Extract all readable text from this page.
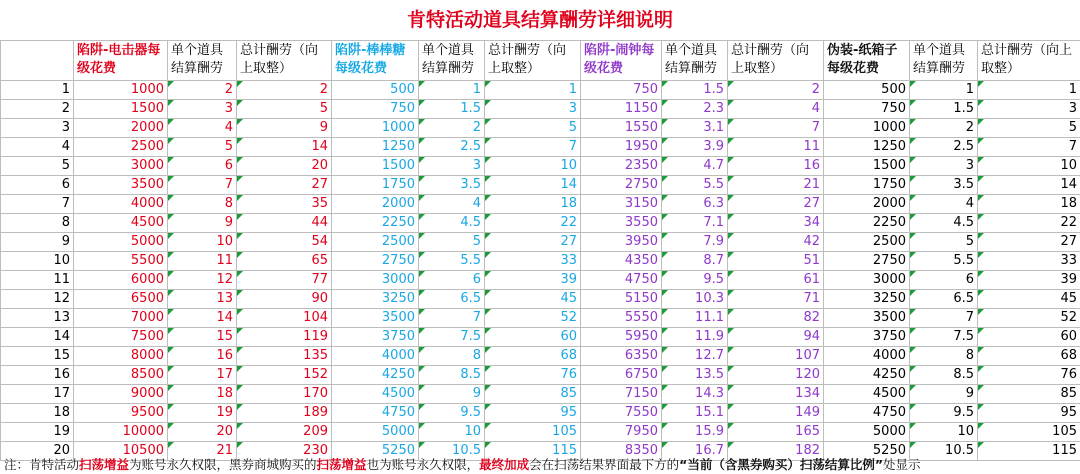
肯特活动道具结算酬劳详细说明
	陷阱-电击器每级花费	单个道具结算酬劳	总计酬劳（向上取整）	陷阱-棒棒糖每级花费	单个道具结算酬劳	总计酬劳（向上取整）	陷阱-闹钟每级花费	单个道具结算酬劳	总计酬劳（向上取整）	伪装-纸箱子每级花费	单个道具结算酬劳	总计酬劳（向上取整）
1	1000	2	2	500	1	1	750	1.5	2	500	1	1
2	1500	3	5	750	1.5	3	1150	2.3	4	750	1.5	3
3	2000	4	9	1000	2	5	1550	3.1	7	1000	2	5
4	2500	5	14	1250	2.5	7	1950	3.9	11	1250	2.5	7
5	3000	6	20	1500	3	10	2350	4.7	16	1500	3	10
6	3500	7	27	1750	3.5	14	2750	5.5	21	1750	3.5	14
7	4000	8	35	2000	4	18	3150	6.3	27	2000	4	18
8	4500	9	44	2250	4.5	22	3550	7.1	34	2250	4.5	22
9	5000	10	54	2500	5	27	3950	7.9	42	2500	5	27
10	5500	11	65	2750	5.5	33	4350	8.7	51	2750	5.5	33
11	6000	12	77	3000	6	39	4750	9.5	61	3000	6	39
12	6500	13	90	3250	6.5	45	5150	10.3	71	3250	6.5	45
13	7000	14	104	3500	7	52	5550	11.1	82	3500	7	52
14	7500	15	119	3750	7.5	60	5950	11.9	94	3750	7.5	60
15	8000	16	135	4000	8	68	6350	12.7	107	4000	8	68
16	8500	17	152	4250	8.5	76	6750	13.5	120	4250	8.5	76
17	9000	18	170	4500	9	85	7150	14.3	134	4500	9	85
18	9500	19	189	4750	9.5	95	7550	15.1	149	4750	9.5	95
19	10000	20	209	5000	10	105	7950	15.9	165	5000	10	105
20	10500	21	230	5250	10.5	115	8350	16.7	182	5250	10.5	115
注：肯特活动扫荡增益为账号永久权限，黑券商城购买的扫荡增益也为账号永久权限，最终加成会在扫荡结果界面最下方的“当前（含黑券购买）扫荡结算比例”处显示
